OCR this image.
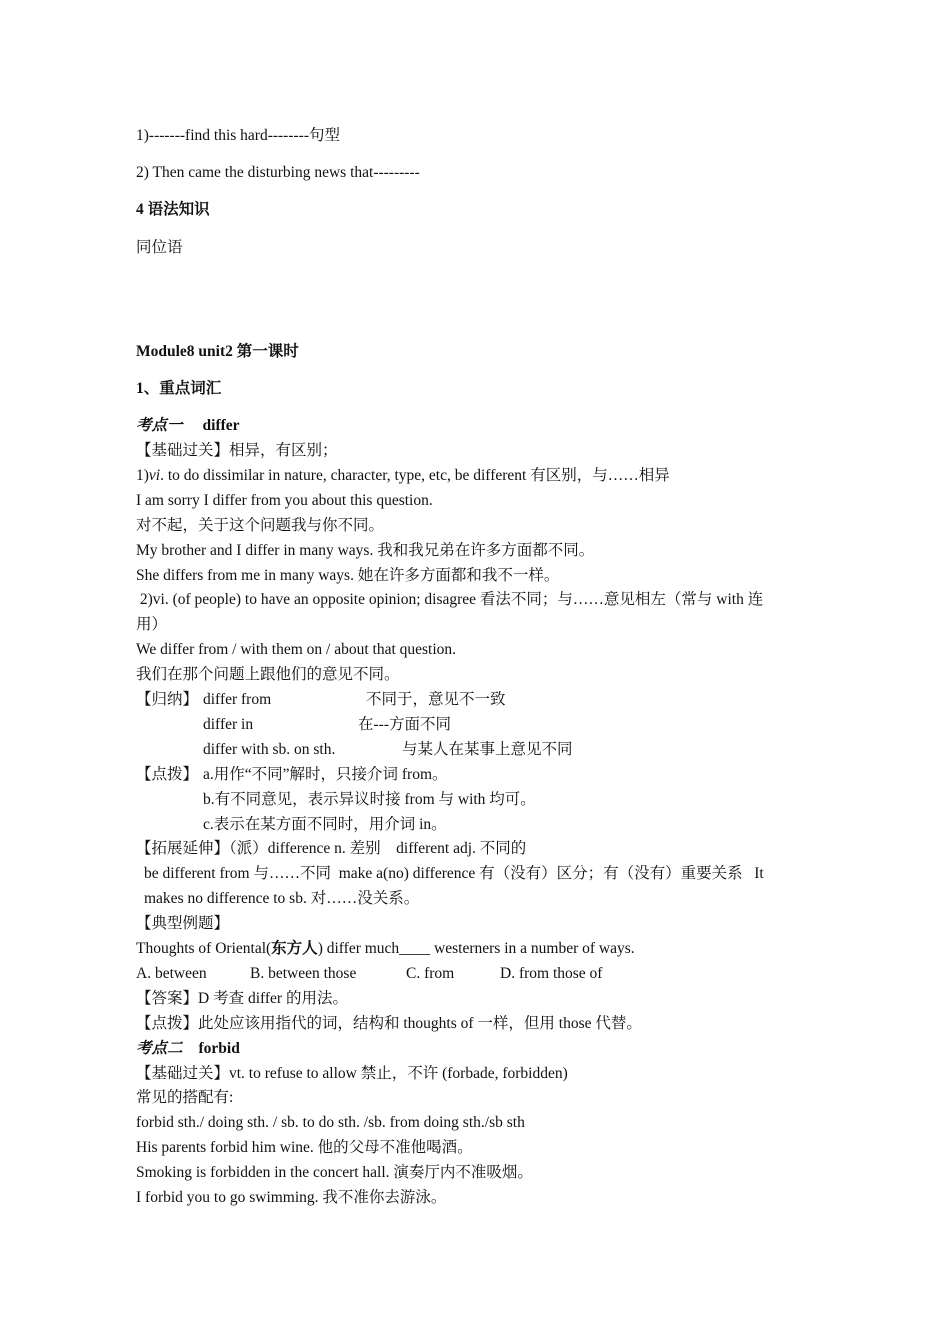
1)-------find this hard--------句型
2) Then came the disturbing news that---------
4 语法知识
同位语
Module8 unit2 第一课时
1、重点词汇
考点一 differ
【基础过关】相异，有区别；
1)vi. to do dissimilar in nature, character, type, etc, be different 有区别，与……相异
I am sorry I differ from you about this question.
对不起，关于这个问题我与你不同。
My brother and I differ in many ways. 我和我兄弟在许多方面都不同。
She differs from me in many ways. 她在许多方面都和我不一样。
2)vi. (of people) to have an opposite opinion; disagree 看法不同；与……意见相左（常与 with 连
用）
We differ from / with them on / about that question.
我们在那个问题上跟他们的意见不同。
【归纳】 differ from	不同于，意见不一致
differ in	在---方面不同
differ with sb. on sth.	与某人在某事上意见不同
【点拨】 a.用作“不同”解时，只接介词 from。
b.有不同意见，表示异议时接 from 与 with 均可。
c.表示在某方面不同时，用介词 in。
【拓展延伸】（派）difference n. 差别    different adj. 不同的
be different from 与……不同  make a(no) difference 有（没有）区分；有（没有）重要关系   It
makes no difference to sb. 对……没关系。
【典型例题】
Thoughts of Oriental(东方人) differ much____ westerners in a number of ways.
A. between	B. between those	C. from	D. from those of
【答案】D 考查 differ 的用法。
【点拨】此处应该用指代的词，结构和 thoughts of 一样，但用 those 代替。
考点二 forbid
【基础过关】vt. to refuse to allow 禁止，不许 (forbade, forbidden)
常见的搭配有:
forbid sth./ doing sth. / sb. to do sth. /sb. from doing sth./sb sth
His parents forbid him wine. 他的父母不准他喝酒。
Smoking is forbidden in the concert hall. 演奏厅内不准吸烟。
I forbid you to go swimming. 我不准你去游泳。
